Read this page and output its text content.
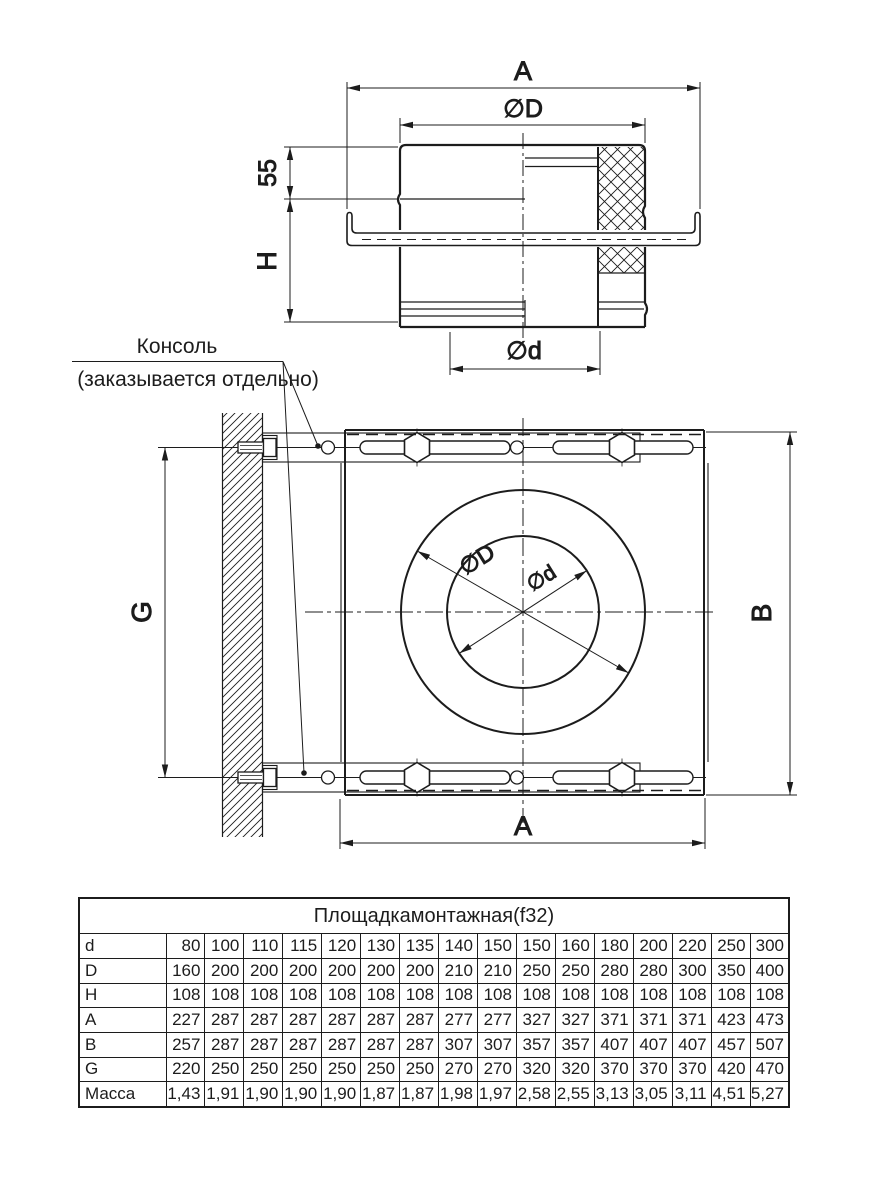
A
∅D
55
H
∅d
∅D ∅d
G	B
A
Консоль
(заказывается отдельно)
Площадкамонтажная(f32)																
d	80	100	110	115	120	130	135	140	150	150	160	180	200	220	250	300
D	160	200	200	200	200	200	200	210	210	250	250	280	280	300	350	400
H	108	108	108	108	108	108	108	108	108	108	108	108	108	108	108	108
A	227	287	287	287	287	287	287	277	277	327	327	371	371	371	423	473
B	257	287	287	287	287	287	287	307	307	357	357	407	407	407	457	507
G	220	250	250	250	250	250	250	270	270	320	320	370	370	370	420	470
Масса	1,43	1,91	1,90	1,90	1,90	1,87	1,87	1,98	1,97	2,58	2,55	3,13	3,05	3,11	4,51	5,27
